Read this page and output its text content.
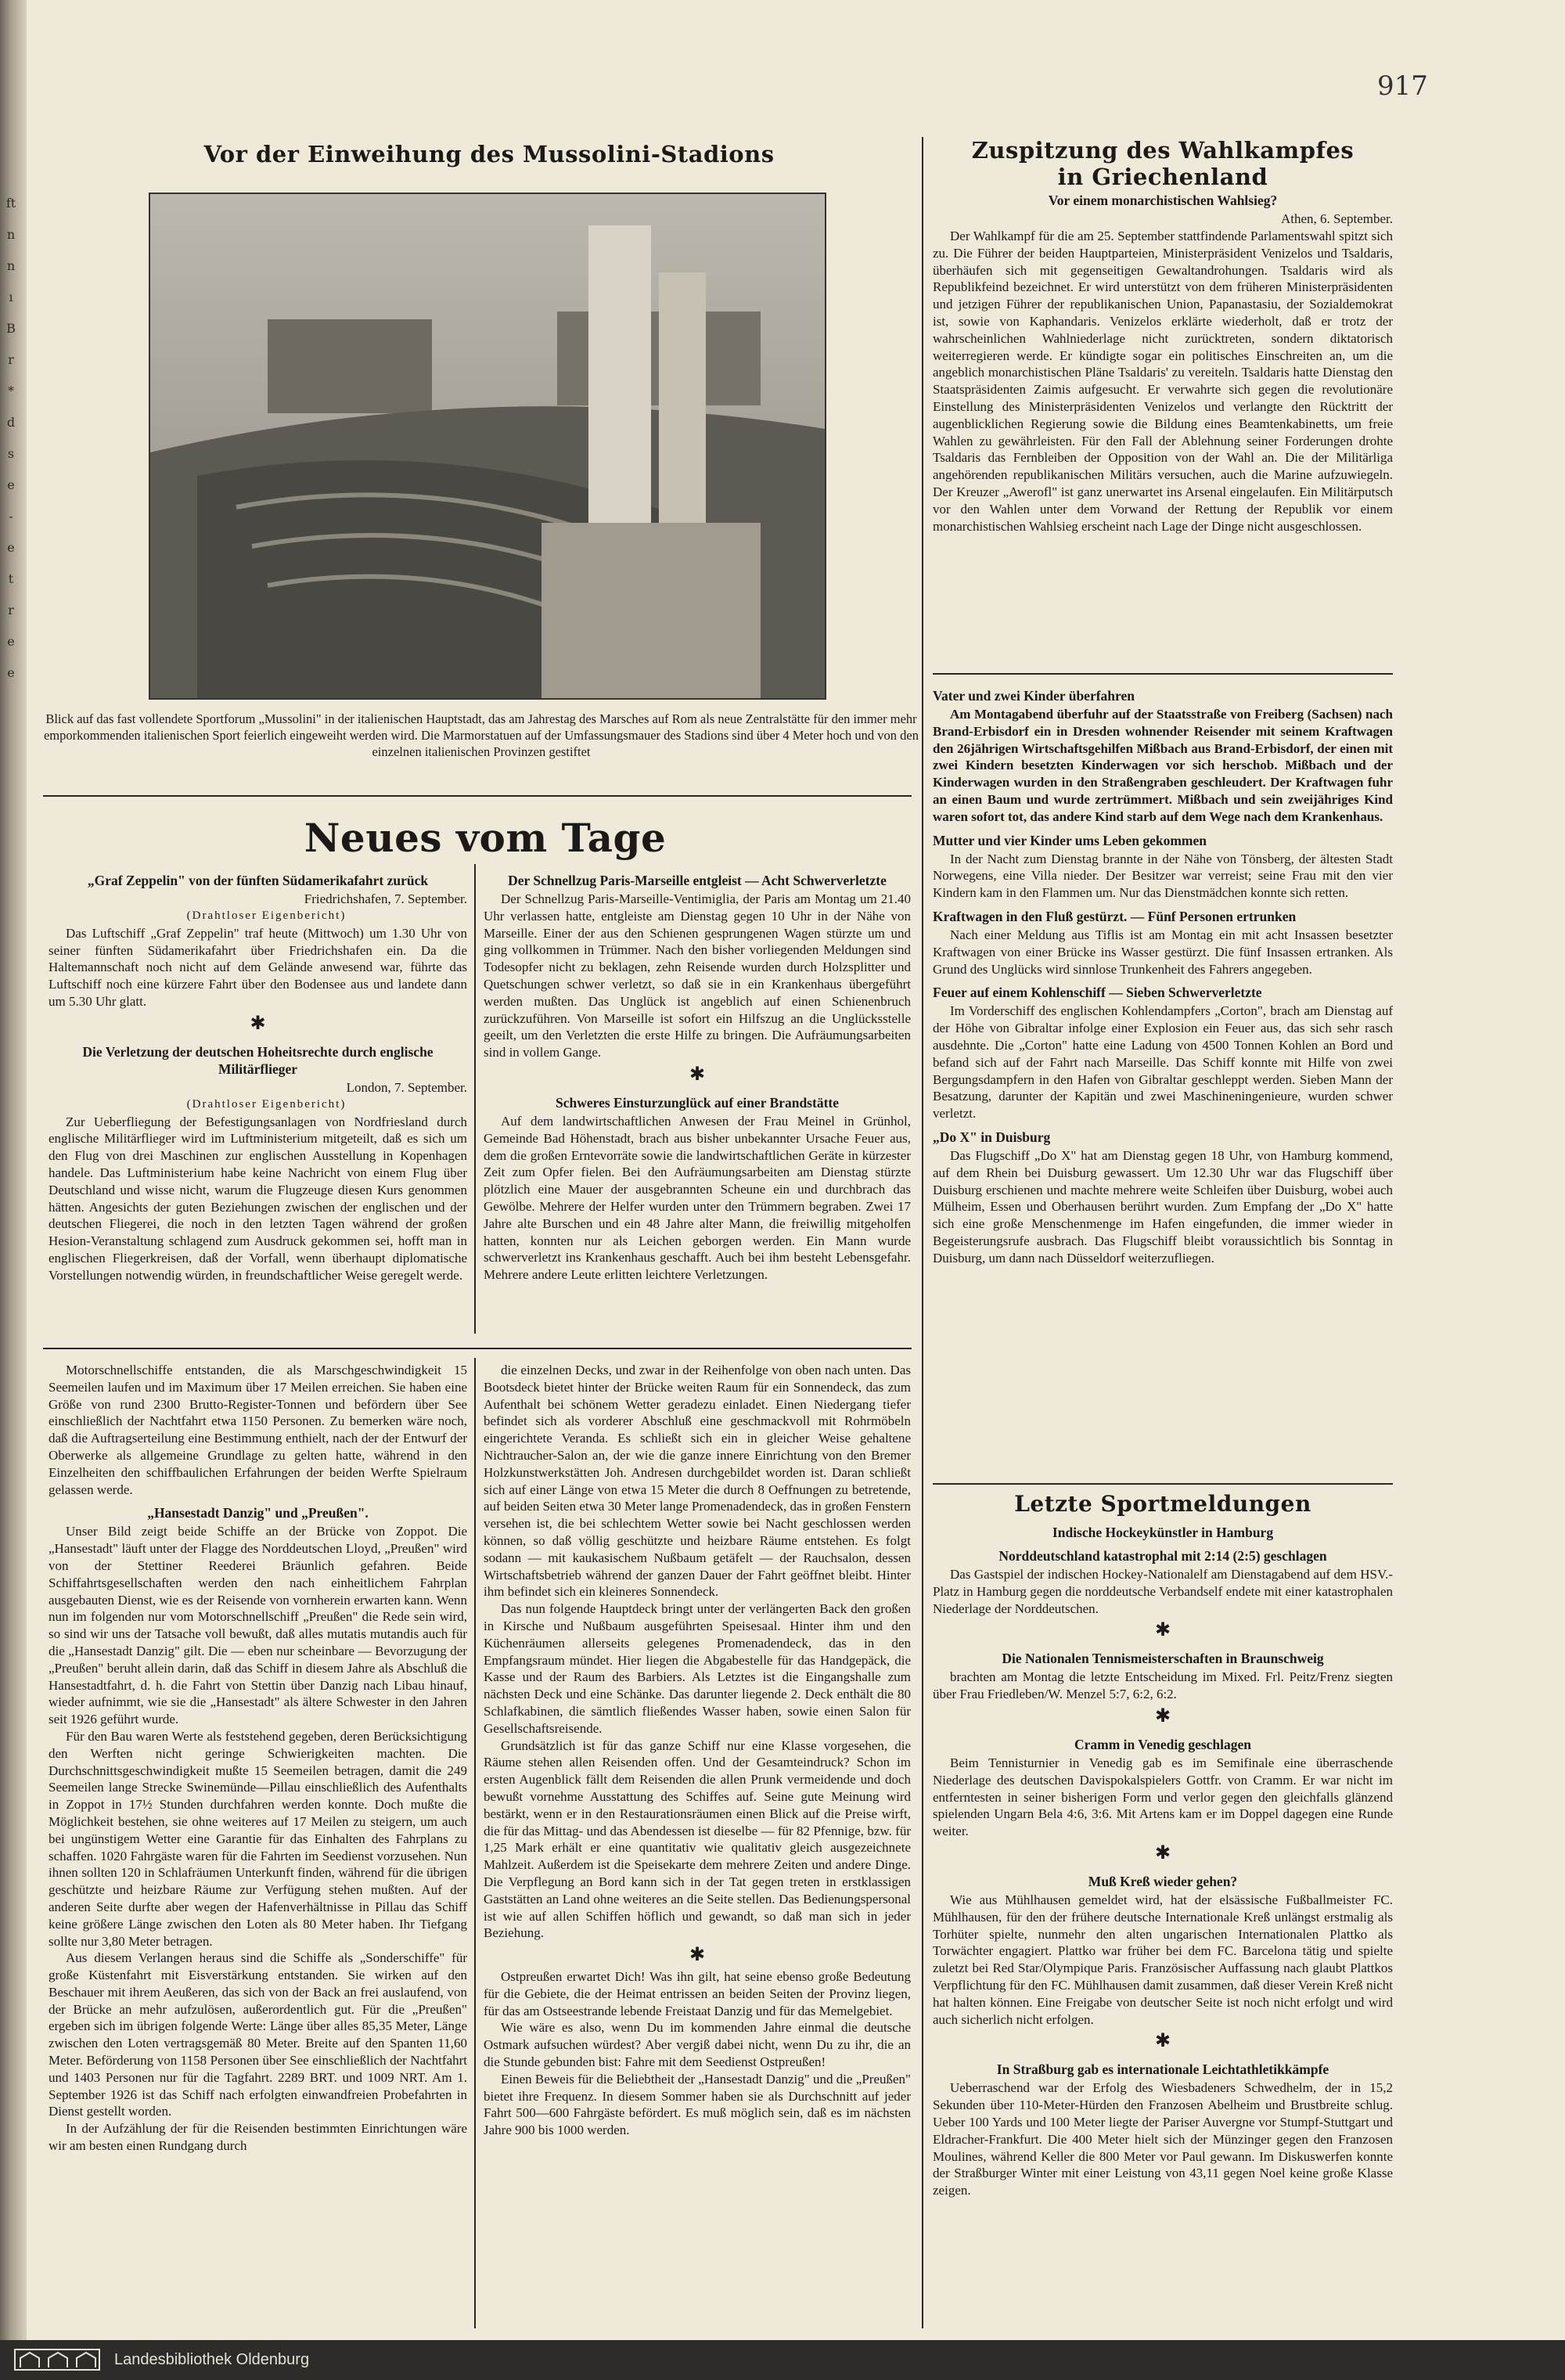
ft
n
n
ı
B
r
*
d
s
e
-
e
t
r
e
e
917
Vor der Einweihung des Mussolini-Stadions
Blick auf das fast vollendete Sportforum „Mussolini" in der italienischen Hauptstadt, das am Jahrestag des Marsches auf Rom als neue Zentralstätte für den immer mehr emporkommenden italienischen Sport feierlich eingeweiht werden wird. Die Marmorstatuen auf der Umfassungsmauer des Stadions sind über 4 Meter hoch und von den einzelnen italienischen Provinzen gestiftet
Neues vom Tage
„Graf Zeppelin" von der fünften Südamerikafahrt zurück

Friedrichshafen, 7. September.

(Drahtloser Eigenbericht)

Das Luftschiff „Graf Zeppelin" traf heute (Mittwoch) um 1.30 Uhr von seiner fünften Südamerikafahrt über Friedrichshafen ein. Da die Haltemannschaft noch nicht auf dem Gelände anwesend war, führte das Luftschiff noch eine kürzere Fahrt über den Bodensee aus und landete dann um 5.30 Uhr glatt.

✱
Die Verletzung der deutschen Hoheitsrechte durch englische Militärflieger

London, 7. September.

(Drahtloser Eigenbericht)

Zur Ueberfliegung der Befestigungsanlagen von Nordfriesland durch englische Militärflieger wird im Luftministerium mitgeteilt, daß es sich um den Flug von drei Maschinen zur englischen Ausstellung in Kopenhagen handele. Das Luftministerium habe keine Nachricht von einem Flug über Deutschland und wisse nicht, warum die Flugzeuge diesen Kurs genommen hätten. Angesichts der guten Beziehungen zwischen der englischen und der deutschen Fliegerei, die noch in den letzten Tagen während der großen Hesion-Veranstaltung schlagend zum Ausdruck gekommen sei, hofft man in englischen Fliegerkreisen, daß der Vorfall, wenn überhaupt diplomatische Vorstellungen notwendig würden, in freundschaftlicher Weise geregelt werde.

Der Schnellzug Paris-Marseille entgleist — Acht Schwerverletzte

Der Schnellzug Paris-Marseille-Ventimiglia, der Paris am Montag um 21.40 Uhr verlassen hatte, entgleiste am Dienstag gegen 10 Uhr in der Nähe von Marseille. Einer der aus den Schienen gesprungenen Wagen stürzte um und ging vollkommen in Trümmer. Nach den bisher vorliegenden Meldungen sind Todesopfer nicht zu beklagen, zehn Reisende wurden durch Holzsplitter und Quetschungen schwer verletzt, so daß sie in ein Krankenhaus übergeführt werden mußten. Das Unglück ist angeblich auf einen Schienenbruch zurückzuführen. Von Marseille ist sofort ein Hilfszug an die Unglücksstelle geeilt, um den Verletzten die erste Hilfe zu bringen. Die Aufräumungsarbeiten sind in vollem Gange.

✱
Schweres Einsturzunglück auf einer Brandstätte

Auf dem landwirtschaftlichen Anwesen der Frau Meinel in Grünhol, Gemeinde Bad Höhenstadt, brach aus bisher unbekannter Ursache Feuer aus, dem die großen Erntevorräte sowie die landwirtschaftlichen Geräte in kürzester Zeit zum Opfer fielen. Bei den Aufräumungsarbeiten am Dienstag stürzte plötzlich eine Mauer der ausgebrannten Scheune ein und durchbrach das Gewölbe. Mehrere der Helfer wurden unter den Trümmern begraben. Zwei 17 Jahre alte Burschen und ein 48 Jahre alter Mann, die freiwillig mitgeholfen hatten, konnten nur als Leichen geborgen werden. Ein Mann wurde schwerverletzt ins Krankenhaus geschafft. Auch bei ihm besteht Lebensgefahr. Mehrere andere Leute erlitten leichtere Verletzungen.

Motorschnellschiffe entstanden, die als Marschgeschwindigkeit 15 Seemeilen laufen und im Maximum über 17 Meilen erreichen. Sie haben eine Größe von rund 2300 Brutto-Register-Tonnen und befördern über See einschließlich der Nachtfahrt etwa 1150 Personen. Zu bemerken wäre noch, daß die Auftragserteilung eine Bestimmung enthielt, nach der der Entwurf der Oberwerke als allgemeine Grundlage zu gelten hatte, während in den Einzelheiten den schiffbaulichen Erfahrungen der beiden Werfte Spielraum gelassen werde.

„Hansestadt Danzig" und „Preußen".

Unser Bild zeigt beide Schiffe an der Brücke von Zoppot. Die „Hansestadt" läuft unter der Flagge des Norddeutschen Lloyd, „Preußen" wird von der Stettiner Reederei Bräunlich gefahren. Beide Schiffahrtsgesellschaften werden den nach einheitlichem Fahrplan ausgebauten Dienst, wie es der Reisende von vornherein erwarten kann. Wenn nun im folgenden nur vom Motorschnellschiff „Preußen" die Rede sein wird, so sind wir uns der Tatsache voll bewußt, daß alles mutatis mutandis auch für die „Hansestadt Danzig" gilt. Die — eben nur scheinbare — Bevorzugung der „Preußen" beruht allein darin, daß das Schiff in diesem Jahre als Abschluß die Hansestadtfahrt, d. h. die Fahrt von Stettin über Danzig nach Libau hinauf, wieder aufnimmt, wie sie die „Hansestadt" als ältere Schwester in den Jahren seit 1926 geführt wurde.

Für den Bau waren Werte als feststehend gegeben, deren Berücksichtigung den Werften nicht geringe Schwierigkeiten machten. Die Durchschnittsgeschwindigkeit mußte 15 Seemeilen betragen, damit die 249 Seemeilen lange Strecke Swinemünde—Pillau einschließlich des Aufenthalts in Zoppot in 17½ Stunden durchfahren werden konnte. Doch mußte die Möglichkeit bestehen, sie ohne weiteres auf 17 Meilen zu steigern, um auch bei ungünstigem Wetter eine Garantie für das Einhalten des Fahrplans zu schaffen. 1020 Fahrgäste waren für die Fahrten im Seedienst vorzusehen. Nun ihnen sollten 120 in Schlafräumen Unterkunft finden, während für die übrigen geschützte und heizbare Räume zur Verfügung stehen mußten. Auf der anderen Seite durfte aber wegen der Hafenverhältnisse in Pillau das Schiff keine größere Länge zwischen den Loten als 80 Meter haben. Ihr Tiefgang sollte nur 3,80 Meter betragen.

Aus diesem Verlangen heraus sind die Schiffe als „Sonderschiffe" für große Küstenfahrt mit Eisverstärkung entstanden. Sie wirken auf den Beschauer mit ihrem Aeußeren, das sich von der Back an frei auslaufend, von der Brücke an mehr aufzulösen, außerordentlich gut. Für die „Preußen" ergeben sich im übrigen folgende Werte: Länge über alles 85,35 Meter, Länge zwischen den Loten vertragsgemäß 80 Meter. Breite auf den Spanten 11,60 Meter. Beförderung von 1158 Personen über See einschließlich der Nachtfahrt und 1403 Personen nur für die Tagfahrt. 2289 BRT. und 1009 NRT. Am 1. September 1926 ist das Schiff nach erfolgten einwandfreien Probefahrten in Dienst gestellt worden.

In der Aufzählung der für die Reisenden bestimmten Einrichtungen wäre wir am besten einen Rundgang durch

die einzelnen Decks, und zwar in der Reihenfolge von oben nach unten. Das Bootsdeck bietet hinter der Brücke weiten Raum für ein Sonnendeck, das zum Aufenthalt bei schönem Wetter geradezu einladet. Einen Niedergang tiefer befindet sich als vorderer Abschluß eine geschmackvoll mit Rohrmöbeln eingerichtete Veranda. Es schließt sich ein in gleicher Weise gehaltene Nichtraucher-Salon an, der wie die ganze innere Einrichtung von den Bremer Holzkunstwerkstätten Joh. Andresen durchgebildet worden ist. Daran schließt sich auf einer Länge von etwa 15 Meter die durch 8 Oeffnungen zu betretende, auf beiden Seiten etwa 30 Meter lange Promenadendeck, das in großen Fenstern versehen ist, die bei schlechtem Wetter sowie bei Nacht geschlossen werden können, so daß völlig geschützte und heizbare Räume entstehen. Es folgt sodann — mit kaukasischem Nußbaum getäfelt — der Rauchsalon, dessen Wirtschaftsbetrieb während der ganzen Dauer der Fahrt geöffnet bleibt. Hinter ihm befindet sich ein kleineres Sonnendeck.

Das nun folgende Hauptdeck bringt unter der verlängerten Back den großen in Kirsche und Nußbaum ausgeführten Speisesaal. Hinter ihm und den Küchenräumen allerseits gelegenes Promenadendeck, das in den Empfangsraum mündet. Hier liegen die Abgabestelle für das Handgepäck, die Kasse und der Raum des Barbiers. Als Letztes ist die Eingangshalle zum nächsten Deck und eine Schänke. Das darunter liegende 2. Deck enthält die 80 Schlafkabinen, die sämtlich fließendes Wasser haben, sowie einen Salon für Gesellschaftsreisende.

Grundsätzlich ist für das ganze Schiff nur eine Klasse vorgesehen, die Räume stehen allen Reisenden offen. Und der Gesamteindruck? Schon im ersten Augenblick fällt dem Reisenden die allen Prunk vermeidende und doch bewußt vornehme Ausstattung des Schiffes auf. Seine gute Meinung wird bestärkt, wenn er in den Restaurationsräumen einen Blick auf die Preise wirft, die für das Mittag- und das Abendessen ist dieselbe — für 82 Pfennige, bzw. für 1,25 Mark erhält er eine quantitativ wie qualitativ gleich ausgezeichnete Mahlzeit. Außerdem ist die Speisekarte dem mehrere Zeiten und andere Dinge. Die Verpflegung an Bord kann sich in der Tat gegen treten in erstklassigen Gaststätten an Land ohne weiteres an die Seite stellen. Das Bedienungspersonal ist wie auf allen Schiffen höflich und gewandt, so daß man sich in jeder Beziehung.

✱

Ostpreußen erwartet Dich! Was ihn gilt, hat seine ebenso große Bedeutung für die Gebiete, die der Heimat entrissen an beiden Seiten der Provinz liegen, für das am Ostseestrande lebende Freistaat Danzig und für das Memelgebiet.

Wie wäre es also, wenn Du im kommenden Jahre einmal die deutsche Ostmark aufsuchen würdest? Aber vergiß dabei nicht, wenn Du zu ihr, die an die Stunde gebunden bist: Fahre mit dem Seedienst Ostpreußen!

Einen Beweis für die Beliebtheit der „Hansestadt Danzig" und die „Preußen" bietet ihre Frequenz. In diesem Sommer haben sie als Durchschnitt auf jeder Fahrt 500—600 Fahrgäste befördert. Es muß möglich sein, daß es im nächsten Jahre 900 bis 1000 werden.

Zuspitzung des Wahlkampfes
in Griechenland
Vor einem monarchistischen Wahlsieg?

Athen, 6. September.

Der Wahlkampf für die am 25. September stattfindende Parlamentswahl spitzt sich zu. Die Führer der beiden Hauptparteien, Ministerpräsident Venizelos und Tsaldaris, überhäufen sich mit gegenseitigen Gewaltandrohungen. Tsaldaris wird als Republikfeind bezeichnet. Er wird unterstützt von dem früheren Ministerpräsidenten und jetzigen Führer der republikanischen Union, Papanastasiu, der Sozialdemokrat ist, sowie von Kaphandaris. Venizelos erklärte wiederholt, daß er trotz der wahrscheinlichen Wahlniederlage nicht zurücktreten, sondern diktatorisch weiterregieren werde. Er kündigte sogar ein politisches Einschreiten an, um die angeblich monarchistischen Pläne Tsaldaris' zu vereiteln. Tsaldaris hatte Dienstag den Staatspräsidenten Zaimis aufgesucht. Er verwahrte sich gegen die revolutionäre Einstellung des Ministerpräsidenten Venizelos und verlangte den Rücktritt der augenblicklichen Regierung sowie die Bildung eines Beamtenkabinetts, um freie Wahlen zu gewährleisten. Für den Fall der Ablehnung seiner Forderungen drohte Tsaldaris das Fernbleiben der Opposition von der Wahl an. Die der Militärliga angehörenden republikanischen Militärs versuchen, auch die Marine aufzuwiegeln. Der Kreuzer „Awerofl" ist ganz unerwartet ins Arsenal eingelaufen. Ein Militärputsch vor den Wahlen unter dem Vorwand der Rettung der Republik vor einem monarchistischen Wahlsieg erscheint nach Lage der Dinge nicht ausgeschlossen.

Vater und zwei Kinder überfahren

Am Montagabend überfuhr auf der Staatsstraße von Freiberg (Sachsen) nach Brand-Erbisdorf ein in Dresden wohnender Reisender mit seinem Kraftwagen den 26jährigen Wirtschaftsgehilfen Mißbach aus Brand-Erbisdorf, der einen mit zwei Kindern besetzten Kinderwagen vor sich herschob. Mißbach und der Kinderwagen wurden in den Straßengraben geschleudert. Der Kraftwagen fuhr an einen Baum und wurde zertrümmert. Mißbach und sein zweijähriges Kind waren sofort tot, das andere Kind starb auf dem Wege nach dem Krankenhaus.

Mutter und vier Kinder ums Leben gekommen

In der Nacht zum Dienstag brannte in der Nähe von Tönsberg, der ältesten Stadt Norwegens, eine Villa nieder. Der Besitzer war verreist; seine Frau mit den vier Kindern kam in den Flammen um. Nur das Dienstmädchen konnte sich retten.

Kraftwagen in den Fluß gestürzt. — Fünf Personen ertrunken

Nach einer Meldung aus Tiflis ist am Montag ein mit acht Insassen besetzter Kraftwagen von einer Brücke ins Wasser gestürzt. Die fünf Insassen ertranken. Als Grund des Unglücks wird sinnlose Trunkenheit des Fahrers angegeben.

Feuer auf einem Kohlenschiff — Sieben Schwerverletzte

Im Vorderschiff des englischen Kohlendampfers „Corton", brach am Dienstag auf der Höhe von Gibraltar infolge einer Explosion ein Feuer aus, das sich sehr rasch ausdehnte. Die „Corton" hatte eine Ladung von 4500 Tonnen Kohlen an Bord und befand sich auf der Fahrt nach Marseille. Das Schiff konnte mit Hilfe von zwei Bergungsdampfern in den Hafen von Gibraltar geschleppt werden. Sieben Mann der Besatzung, darunter der Kapitän und zwei Maschineningenieure, wurden schwer verletzt.

„Do X" in Duisburg

Das Flugschiff „Do X" hat am Dienstag gegen 18 Uhr, von Hamburg kommend, auf dem Rhein bei Duisburg gewassert. Um 12.30 Uhr war das Flugschiff über Duisburg erschienen und machte mehrere weite Schleifen über Duisburg, wobei auch Mülheim, Essen und Oberhausen berührt wurden. Zum Empfang der „Do X" hatte sich eine große Menschenmenge im Hafen eingefunden, die immer wieder in Begeisterungsrufe ausbrach. Das Flugschiff bleibt voraussichtlich bis Sonntag in Duisburg, um dann nach Düsseldorf weiterzufliegen.

Letzte Sportmeldungen
Indische Hockeykünstler in Hamburg
Norddeutschland katastrophal mit 2:14 (2:5) geschlagen

Das Gastspiel der indischen Hockey-Nationalelf am Dienstagabend auf dem HSV.-Platz in Hamburg gegen die norddeutsche Verbandself endete mit einer katastrophalen Niederlage der Norddeutschen.

✱
Die Nationalen Tennismeisterschaften in Braunschweig

brachten am Montag die letzte Entscheidung im Mixed. Frl. Peitz/Frenz siegten über Frau Friedleben/W. Menzel 5:7, 6:2, 6:2.

✱
Cramm in Venedig geschlagen

Beim Tennisturnier in Venedig gab es im Semifinale eine überraschende Niederlage des deutschen Davispokalspielers Gottfr. von Cramm. Er war nicht im entferntesten in seiner bisherigen Form und verlor gegen den gleichfalls glänzend spielenden Ungarn Bela 4:6, 3:6. Mit Artens kam er im Doppel dagegen eine Runde weiter.

✱
Muß Kreß wieder gehen?

Wie aus Mühlhausen gemeldet wird, hat der elsässische Fußballmeister FC. Mühlhausen, für den der frühere deutsche Internationale Kreß unlängst erstmalig als Torhüter spielte, nunmehr den alten ungarischen Internationalen Plattko als Torwächter engagiert. Plattko war früher bei dem FC. Barcelona tätig und spielte zuletzt bei Red Star/Olympique Paris. Französischer Auffassung nach glaubt Plattkos Verpflichtung für den FC. Mühlhausen damit zusammen, daß dieser Verein Kreß nicht hat halten können. Eine Freigabe von deutscher Seite ist noch nicht erfolgt und wird auch sicherlich nicht erfolgen.

✱
In Straßburg gab es internationale Leichtathletikkämpfe

Ueberraschend war der Erfolg des Wiesbadeners Schwedhelm, der in 15,2 Sekunden über 110-Meter-Hürden den Franzosen Abelheim und Brustbreite schlug. Ueber 100 Yards und 100 Meter liegte der Pariser Auvergne vor Stumpf-Stuttgart und Eldracher-Frankfurt. Die 400 Meter hielt sich der Münzinger gegen den Franzosen Moulines, während Keller die 800 Meter vor Paul gewann. Im Diskuswerfen konnte der Straßburger Winter mit einer Leistung von 43,11 gegen Noel keine große Klasse zeigen.

Landesbibliothek Oldenburg
